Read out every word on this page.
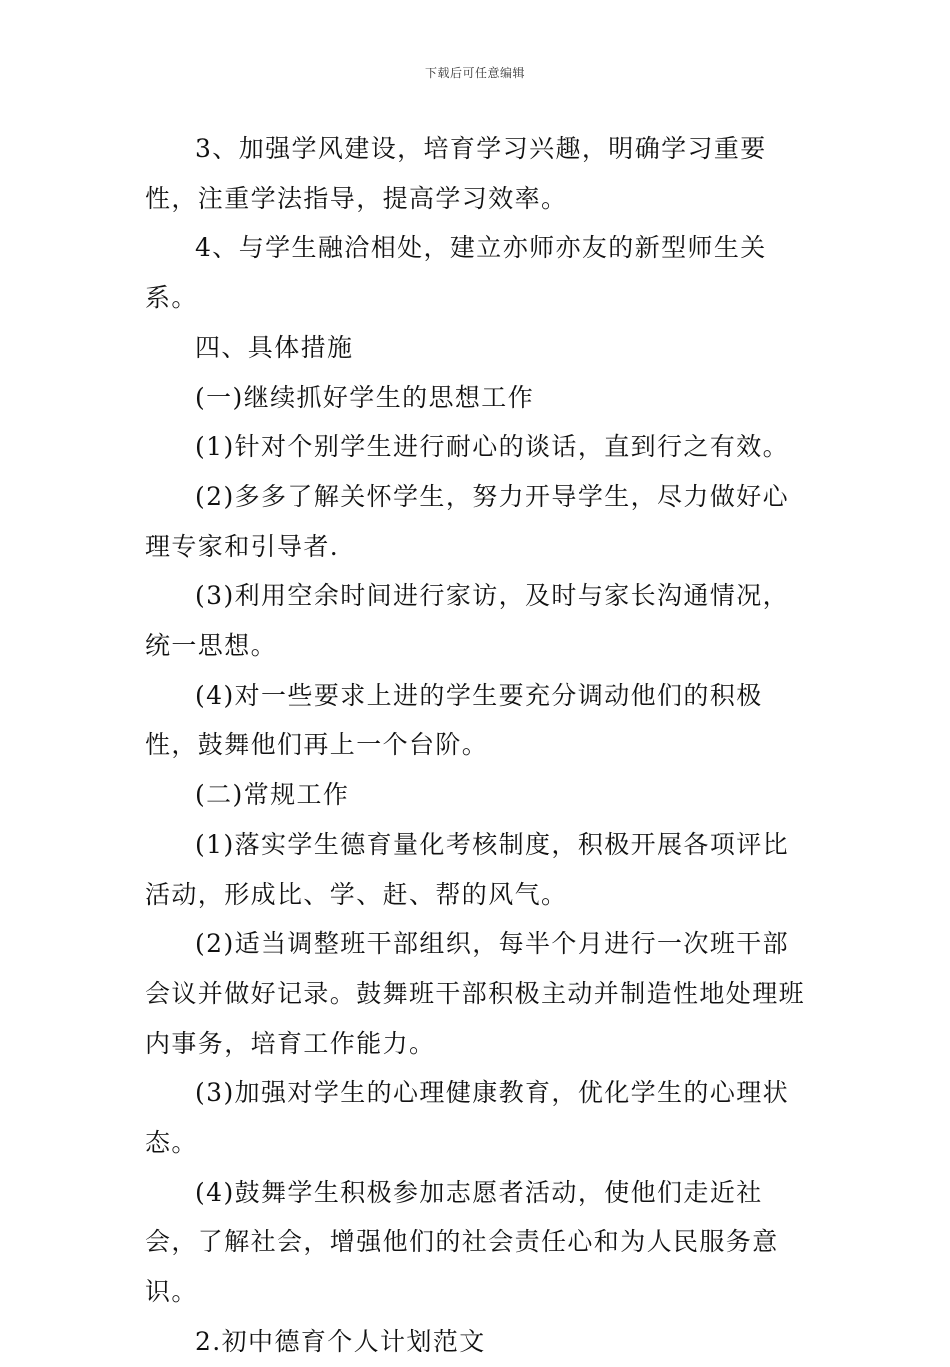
下载后可任意编辑

3、加强学风建设，培育学习兴趣，明确学习重要性，注重学法指导，提高学习效率。

4、与学生融洽相处，建立亦师亦友的新型师生关系。

四、具体措施

(一)继续抓好学生的思想工作

(1)针对个别学生进行耐心的谈话，直到行之有效。

(2)多多了解关怀学生，努力开导学生，尽力做好心理专家和引导者.

(3)利用空余时间进行家访，及时与家长沟通情况，统一思想。

(4)对一些要求上进的学生要充分调动他们的积极性，鼓舞他们再上一个台阶。

(二)常规工作

(1)落实学生德育量化考核制度，积极开展各项评比活动，形成比、学、赶、帮的风气。

(2)适当调整班干部组织，每半个月进行一次班干部会议并做好记录。鼓舞班干部积极主动并制造性地处理班内事务，培育工作能力。

(3)加强对学生的心理健康教育，优化学生的心理状态。

(4)鼓舞学生积极参加志愿者活动，使他们走近社会，了解社会，增强他们的社会责任心和为人民服务意识。

2.初中德育个人计划范文
